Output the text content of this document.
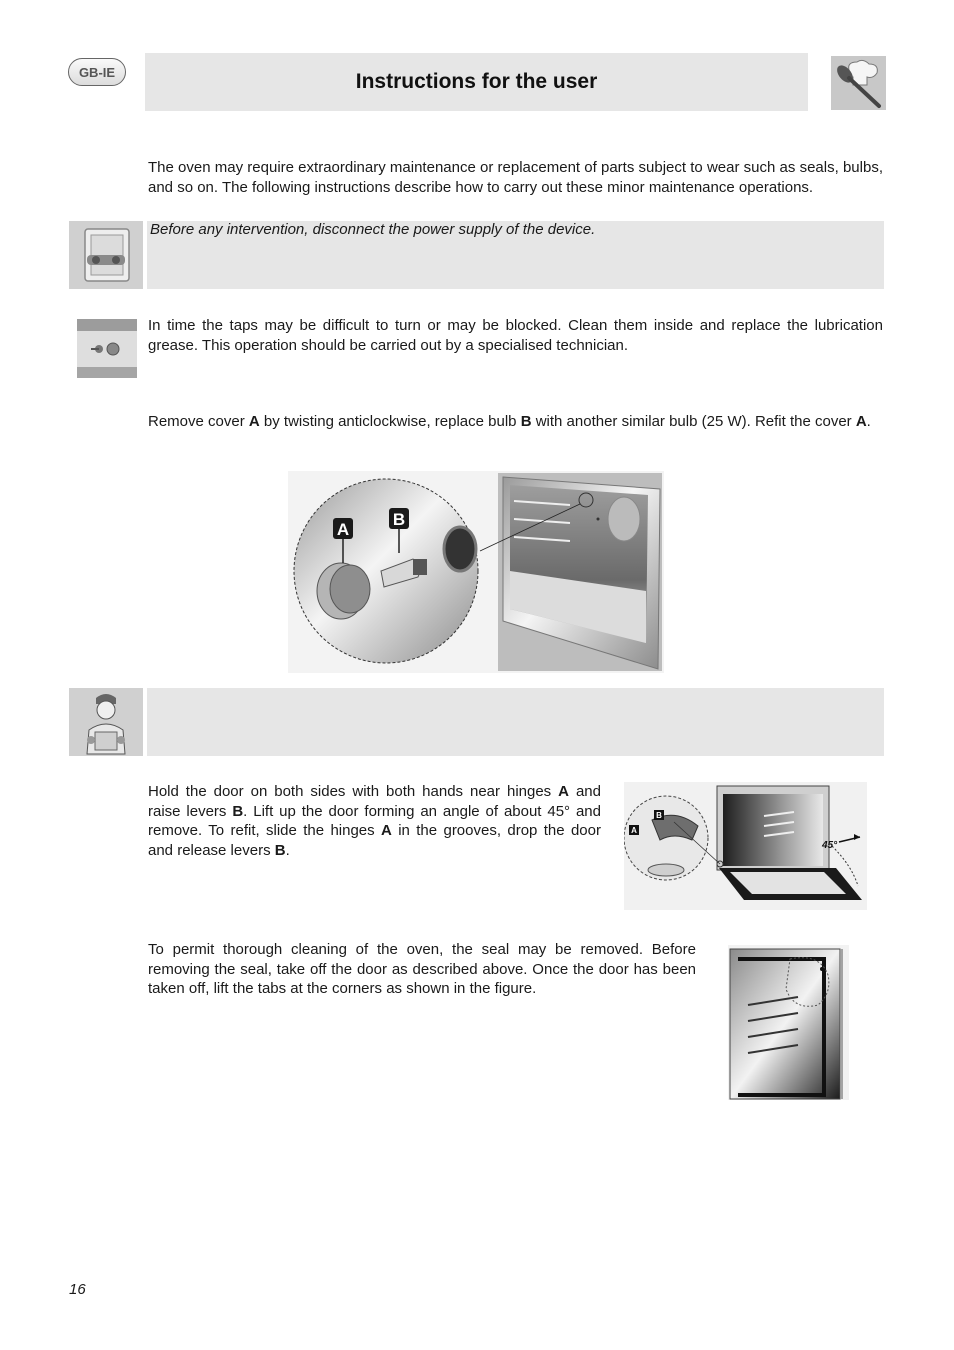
GB-IE	Instructions for the user
The oven may require extraordinary maintenance or replacement of parts subject to wear such as seals, bulbs, and so on. The following instructions describe how to carry out these minor maintenance operations.
Before any intervention, disconnect the power supply of the device.
In time the taps may be difficult to turn or may be blocked. Clean them inside and replace the lubrication grease. This operation should be carried out by a specialised technician.
Remove cover A by twisting anticlockwise, replace bulb B with another similar bulb (25 W). Refit the cover A.
A
B
Hold the door on both sides with both hands near hinges A and raise levers B. Lift up the door forming an angle of about 45° and remove. To refit, slide the hinges A in the grooves, drop the door and release levers B.	45°
B
A
To permit thorough cleaning of the oven, the seal may be removed. Before removing the seal, take off the door as described above. Once the door has been taken off, lift the tabs at the corners as shown in the figure.
16
